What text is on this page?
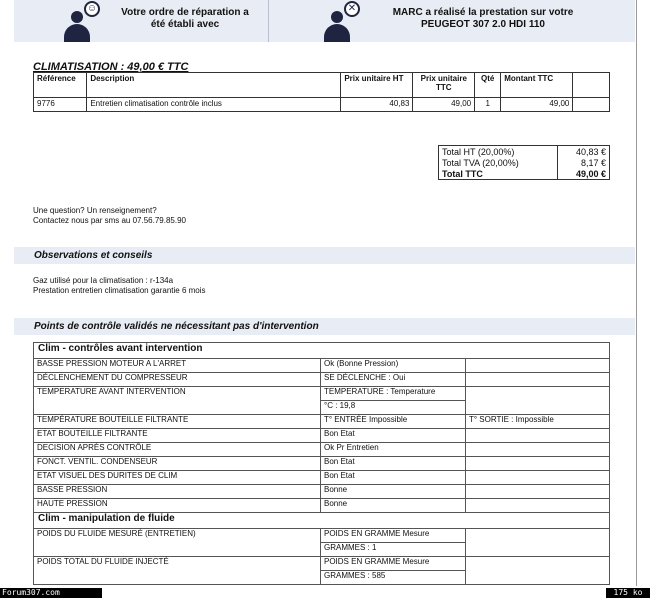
☺	Votre ordre de réparation a
été établi avec
✕	MARC a réalisé la prestation sur votre
PEUGEOT 307 2.0 HDI 110
CLIMATISATION : 49,00 € TTC
Référence	Description	Prix unitaire HT	Prix unitaire TTC	Qté	Montant TTC	
9776	Entretien climatisation contrôle inclus	40,83	49,00	1	49,00	
Total HT (20,00%)	40,83 €
Total TVA (20,00%)	8,17 €
Total TTC	49,00 €
Une question? Un renseignement?
Contactez nous par sms au 07.56.79.85.90
Observations et conseils
Gaz utilisé pour la climatisation : r-134a
Prestation entretien climatisation garantie 6 mois
Points de contrôle validés ne nécessitant pas d'intervention
Clim - contrôles avant intervention		
BASSE PRESSION MOTEUR A L'ARRET	Ok (Bonne Pression)	
DÉCLENCHEMENT DU COMPRESSEUR	SE DÉCLENCHE : Oui	
TEMPERATURE AVANT INTERVENTION	TEMPERATURE : Temperature	
	°C : 19,8	
TEMPÉRATURE BOUTEILLE FILTRANTE	T° ENTRÉE Impossible	T° SORTIE : Impossible
ETAT BOUTEILLE FILTRANTE	Bon Etat	
DECISION APRÈS CONTRÔLE	Ok Pr Entretien	
FONCT. VENTIL. CONDENSEUR	Bon Etat	
ETAT VISUEL DES DURITES DE CLIM	Bon Etat	
BASSE PRESSION	Bonne	
HAUTE PRESSION	Bonne	
Clim - manipulation de fluide		
POIDS DU FLUIDE MESURÉ (ENTRETIEN)	POIDS EN GRAMME Mesure	
	GRAMMES : 1	
POIDS TOTAL DU FLUIDE INJECTÉ	POIDS EN GRAMME Mesure	
	GRAMMES : 585	
Forum307.com	175 ko
